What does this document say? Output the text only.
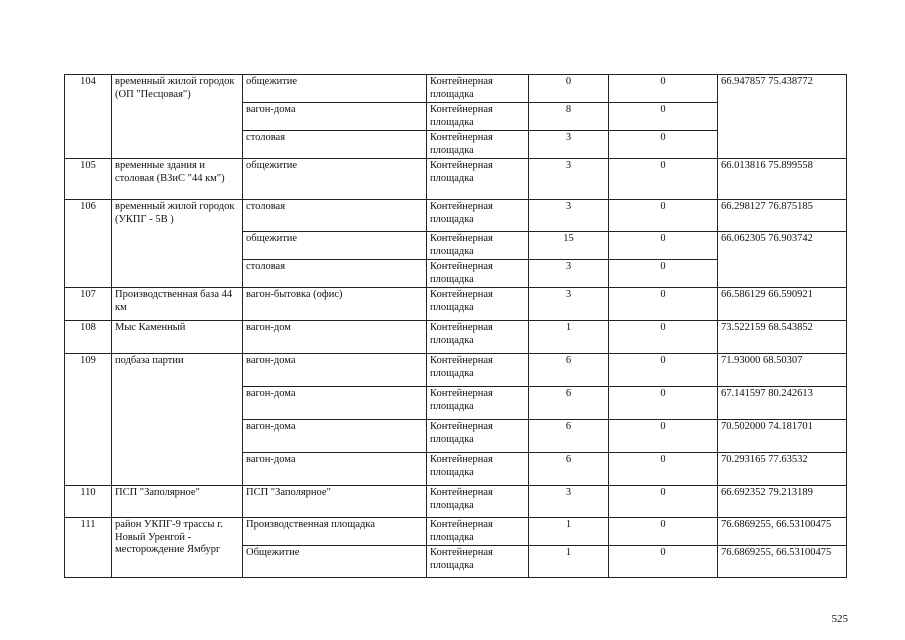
104	временный жилой городок (ОП "Песцовая")	общежитие	Контейнерная площадка	0	0	66.947857 75.438772
		вагон-дома	Контейнерная площадка	8	0	
		столовая	Контейнерная площадка	3	0	
105	временные здания и столовая (ВЗиС "44 км")	общежитие	Контейнерная площадка	3	0	66.013816 75.899558
106	временный жилой городок (УКПГ - 5В )	столовая	Контейнерная площадка	3	0	66.298127 76.875185
		общежитие	Контейнерная площадка	15	0	66.062305 76.903742
		столовая	Контейнерная площадка	3	0	
107	Производственная база 44 км	вагон-бытовка (офис)	Контейнерная площадка	3	0	66.586129 66.590921
108	Мыс Каменный	вагон-дом	Контейнерная площадка	1	0	73.522159 68.543852
109	подбаза партии	вагон-дома	Контейнерная площадка	6	0	71.93000 68.50307
		вагон-дома	Контейнерная площадка	6	0	67.141597 80.242613
		вагон-дома	Контейнерная площадка	6	0	70.502000 74.181701
		вагон-дома	Контейнерная площадка	6	0	70.293165 77.63532
110	ПСП "Заполярное"	ПСП "Заполярное"	Контейнерная площадка	3	0	66.692352 79.213189
111	район УКПГ-9 трассы г. Новый Уренгой - месторождение Ямбург	Производственная площадка	Контейнерная площадка	1	0	76.6869255, 66.53100475
		Общежитие	Контейнерная площадка	1	0	76.6869255, 66.53100475
525
